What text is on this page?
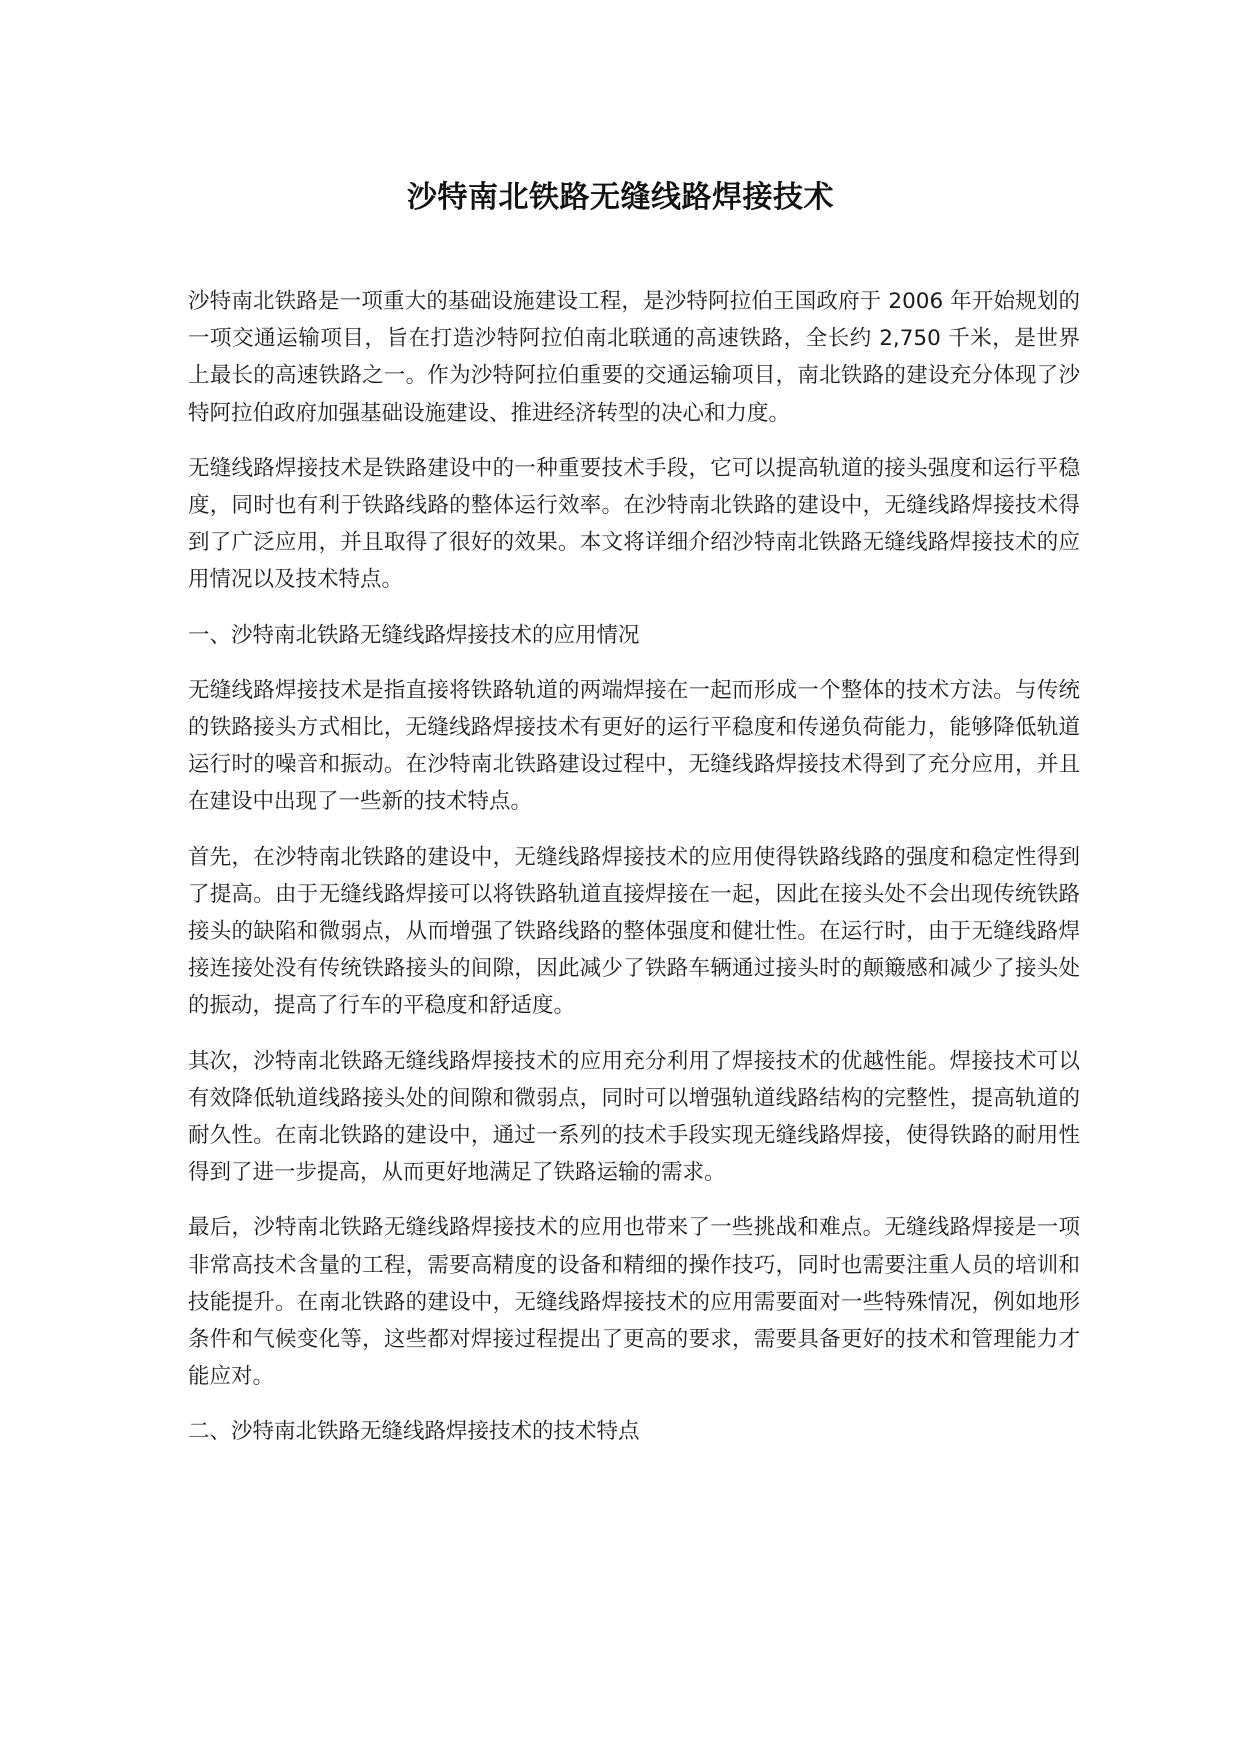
沙特南北铁路无缝线路焊接技术

沙特南北铁路是一项重大的基础设施建设工程，是沙特阿拉伯王国政府于 2006 年开始规划的一项交通运输项目，旨在打造沙特阿拉伯南北联通的高速铁路，全长约 2,750 千米，是世界上最长的高速铁路之一。作为沙特阿拉伯重要的交通运输项目，南北铁路的建设充分体现了沙特阿拉伯政府加强基础设施建设、推进经济转型的决心和力度。

无缝线路焊接技术是铁路建设中的一种重要技术手段，它可以提高轨道的接头强度和运行平稳度，同时也有利于铁路线路的整体运行效率。在沙特南北铁路的建设中，无缝线路焊接技术得到了广泛应用，并且取得了很好的效果。本文将详细介绍沙特南北铁路无缝线路焊接技术的应用情况以及技术特点。

一、沙特南北铁路无缝线路焊接技术的应用情况

无缝线路焊接技术是指直接将铁路轨道的两端焊接在一起而形成一个整体的技术方法。与传统的铁路接头方式相比，无缝线路焊接技术有更好的运行平稳度和传递负荷能力，能够降低轨道运行时的噪音和振动。在沙特南北铁路建设过程中，无缝线路焊接技术得到了充分应用，并且在建设中出现了一些新的技术特点。

首先，在沙特南北铁路的建设中，无缝线路焊接技术的应用使得铁路线路的强度和稳定性得到了提高。由于无缝线路焊接可以将铁路轨道直接焊接在一起，因此在接头处不会出现传统铁路接头的缺陷和微弱点，从而增强了铁路线路的整体强度和健壮性。在运行时，由于无缝线路焊接连接处没有传统铁路接头的间隙，因此减少了铁路车辆通过接头时的颠簸感和减少了接头处的振动，提高了行车的平稳度和舒适度。

其次，沙特南北铁路无缝线路焊接技术的应用充分利用了焊接技术的优越性能。焊接技术可以有效降低轨道线路接头处的间隙和微弱点，同时可以增强轨道线路结构的完整性，提高轨道的耐久性。在南北铁路的建设中，通过一系列的技术手段实现无缝线路焊接，使得铁路的耐用性得到了进一步提高，从而更好地满足了铁路运输的需求。

最后，沙特南北铁路无缝线路焊接技术的应用也带来了一些挑战和难点。无缝线路焊接是一项非常高技术含量的工程，需要高精度的设备和精细的操作技巧，同时也需要注重人员的培训和技能提升。在南北铁路的建设中，无缝线路焊接技术的应用需要面对一些特殊情况，例如地形条件和气候变化等，这些都对焊接过程提出了更高的要求，需要具备更好的技术和管理能力才能应对。

二、沙特南北铁路无缝线路焊接技术的技术特点
